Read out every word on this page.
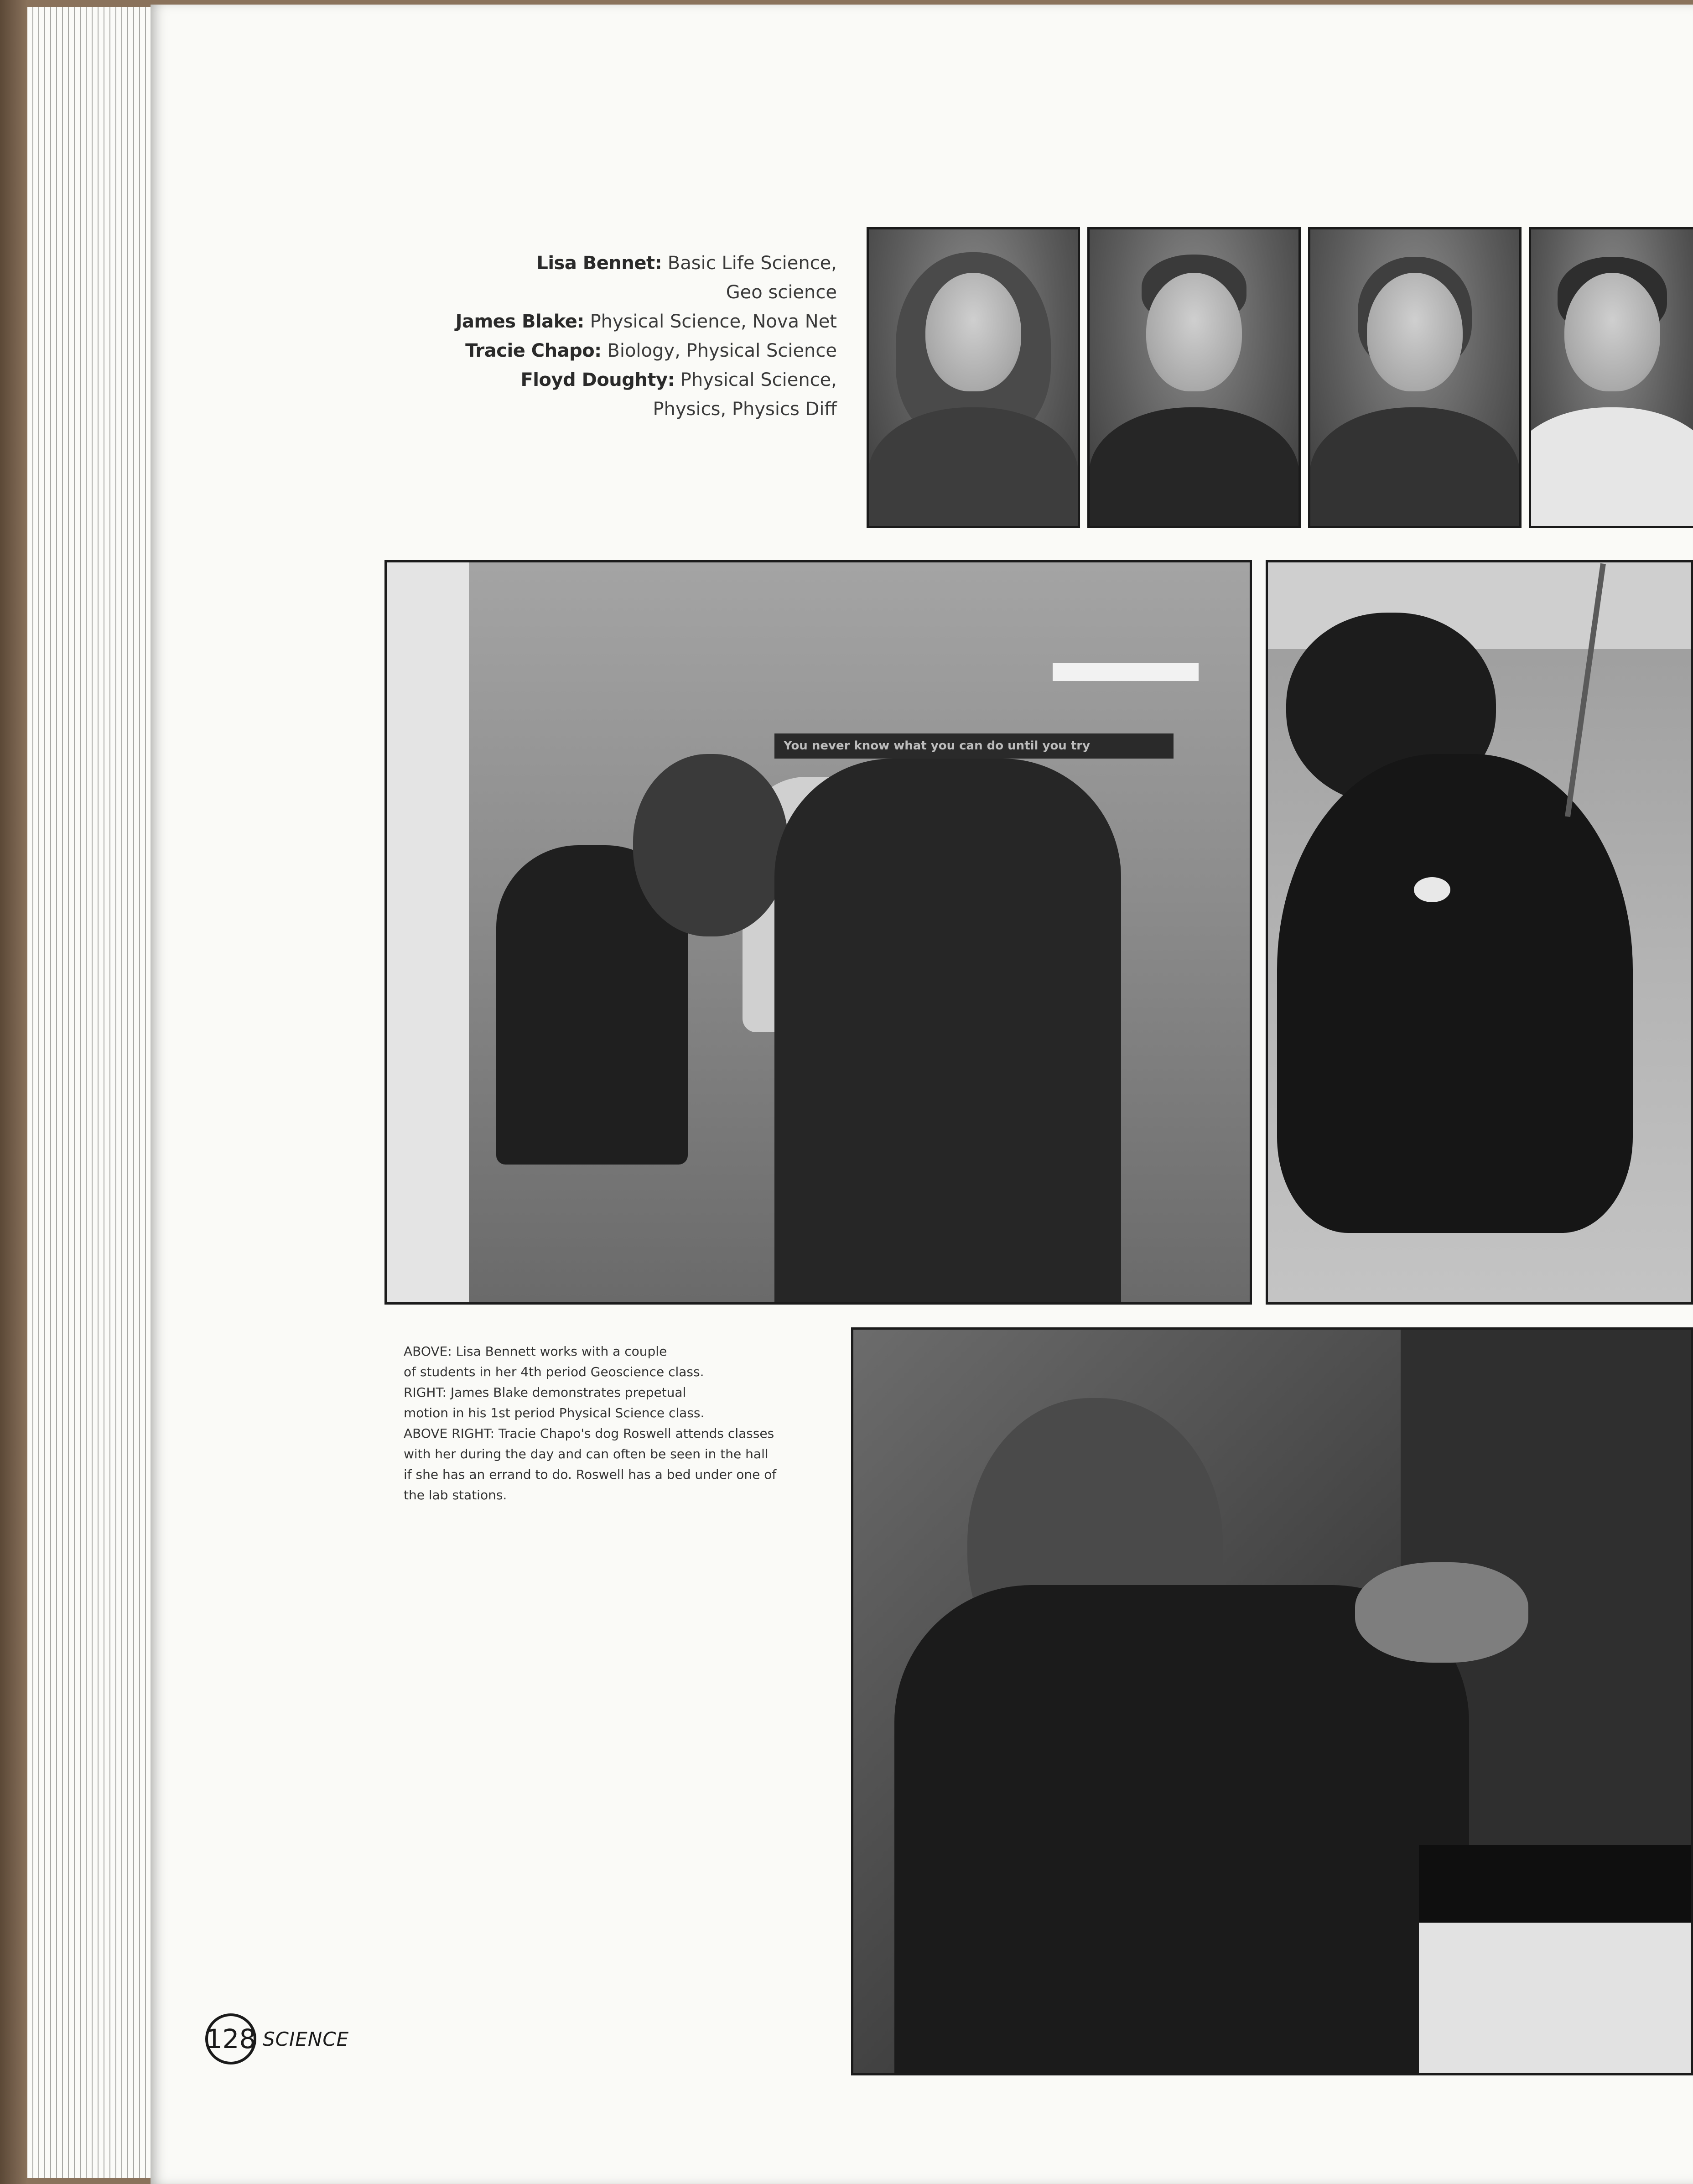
Lisa Bennet: Basic Life Science,
Geo science
James Blake: Physical Science, Nova Net
Tracie Chapo: Biology, Physical Science
Floyd Doughty: Physical Science,
Physics, Physics Diff
You never know what you can do until you try

ABOVE: Lisa Bennett works with a couple

of students in her 4th period Geoscience class.

RIGHT: James Blake demonstrates prepetual

motion in his 1st period Physical Science class.

ABOVE RIGHT: Tracie Chapo's dog Roswell attends classes

with her during the day and can often be seen in the hall

if she has an errand to do. Roswell has a bed under one of

the lab stations.

128 SCIENCE
